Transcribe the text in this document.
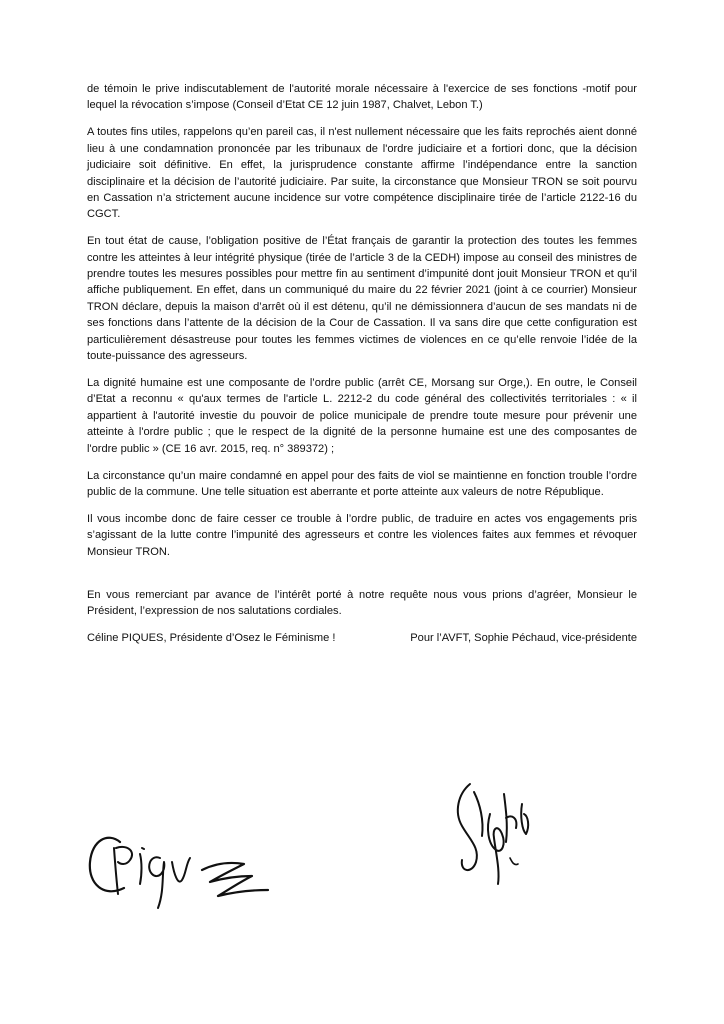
de témoin le prive indiscutablement de l'autorité morale nécessaire à l'exercice de ses fonctions -motif pour lequel la révocation s’impose (Conseil d’Etat CE 12 juin 1987, Chalvet, Lebon T.)

A toutes fins utiles, rappelons qu’en pareil cas, il n'est nullement nécessaire que les faits reprochés aient donné lieu à une condamnation prononcée par les tribunaux de l'ordre judiciaire et a fortiori donc, que la décision judiciaire soit définitive. En effet, la jurisprudence constante affirme l’indépendance entre la sanction disciplinaire et la décision de l’autorité judiciaire. Par suite, la circonstance que Monsieur TRON se soit pourvu en Cassation n’a strictement aucune incidence sur votre compétence disciplinaire tirée de l’article 2122-16 du CGCT.

En tout état de cause, l’obligation positive de l’État français de garantir la protection des toutes les femmes contre les atteintes à leur intégrité physique (tirée de l’article 3 de la CEDH) impose au conseil des ministres de prendre toutes les mesures possibles pour mettre fin au sentiment d’impunité dont jouit Monsieur TRON et qu’il affiche publiquement. En effet, dans un communiqué du maire du 22 février 2021 (joint à ce courrier) Monsieur TRON déclare, depuis la maison d’arrêt où il est détenu, qu’il ne démissionnera d’aucun de ses mandats ni de ses fonctions dans l’attente de la décision de la Cour de Cassation. Il va sans dire que cette configuration est particulièrement désastreuse pour toutes les femmes victimes de violences en ce qu’elle renvoie l’idée de la toute-puissance des agresseurs.

La dignité humaine est une composante de l’ordre public (arrêt CE, Morsang sur Orge,). En outre, le Conseil d’Etat a reconnu « qu'aux termes de l'article L. 2212-2 du code général des collectivités territoriales : « il appartient à l'autorité investie du pouvoir de police municipale de prendre toute mesure pour prévenir une atteinte à l'ordre public ; que le respect de la dignité de la personne humaine est une des composantes de l'ordre public » (CE 16 avr. 2015, req. n° 389372) ;

La circonstance qu’un maire condamné en appel pour des faits de viol se maintienne en fonction trouble l’ordre public de la commune. Une telle situation est aberrante et porte atteinte aux valeurs de notre République.

Il vous incombe donc de faire cesser ce trouble à l’ordre public, de traduire en actes vos engagements pris s’agissant de la lutte contre l’impunité des agresseurs et contre les violences faites aux femmes et révoquer Monsieur TRON.

En vous remerciant par avance de l’intérêt porté à notre requête nous vous prions d’agréer, Monsieur le Président, l’expression de nos salutations cordiales.

Céline PIQUES, Présidente d’Osez le Féminisme !	Pour l’AVFT, Sophie Péchaud, vice-présidente
